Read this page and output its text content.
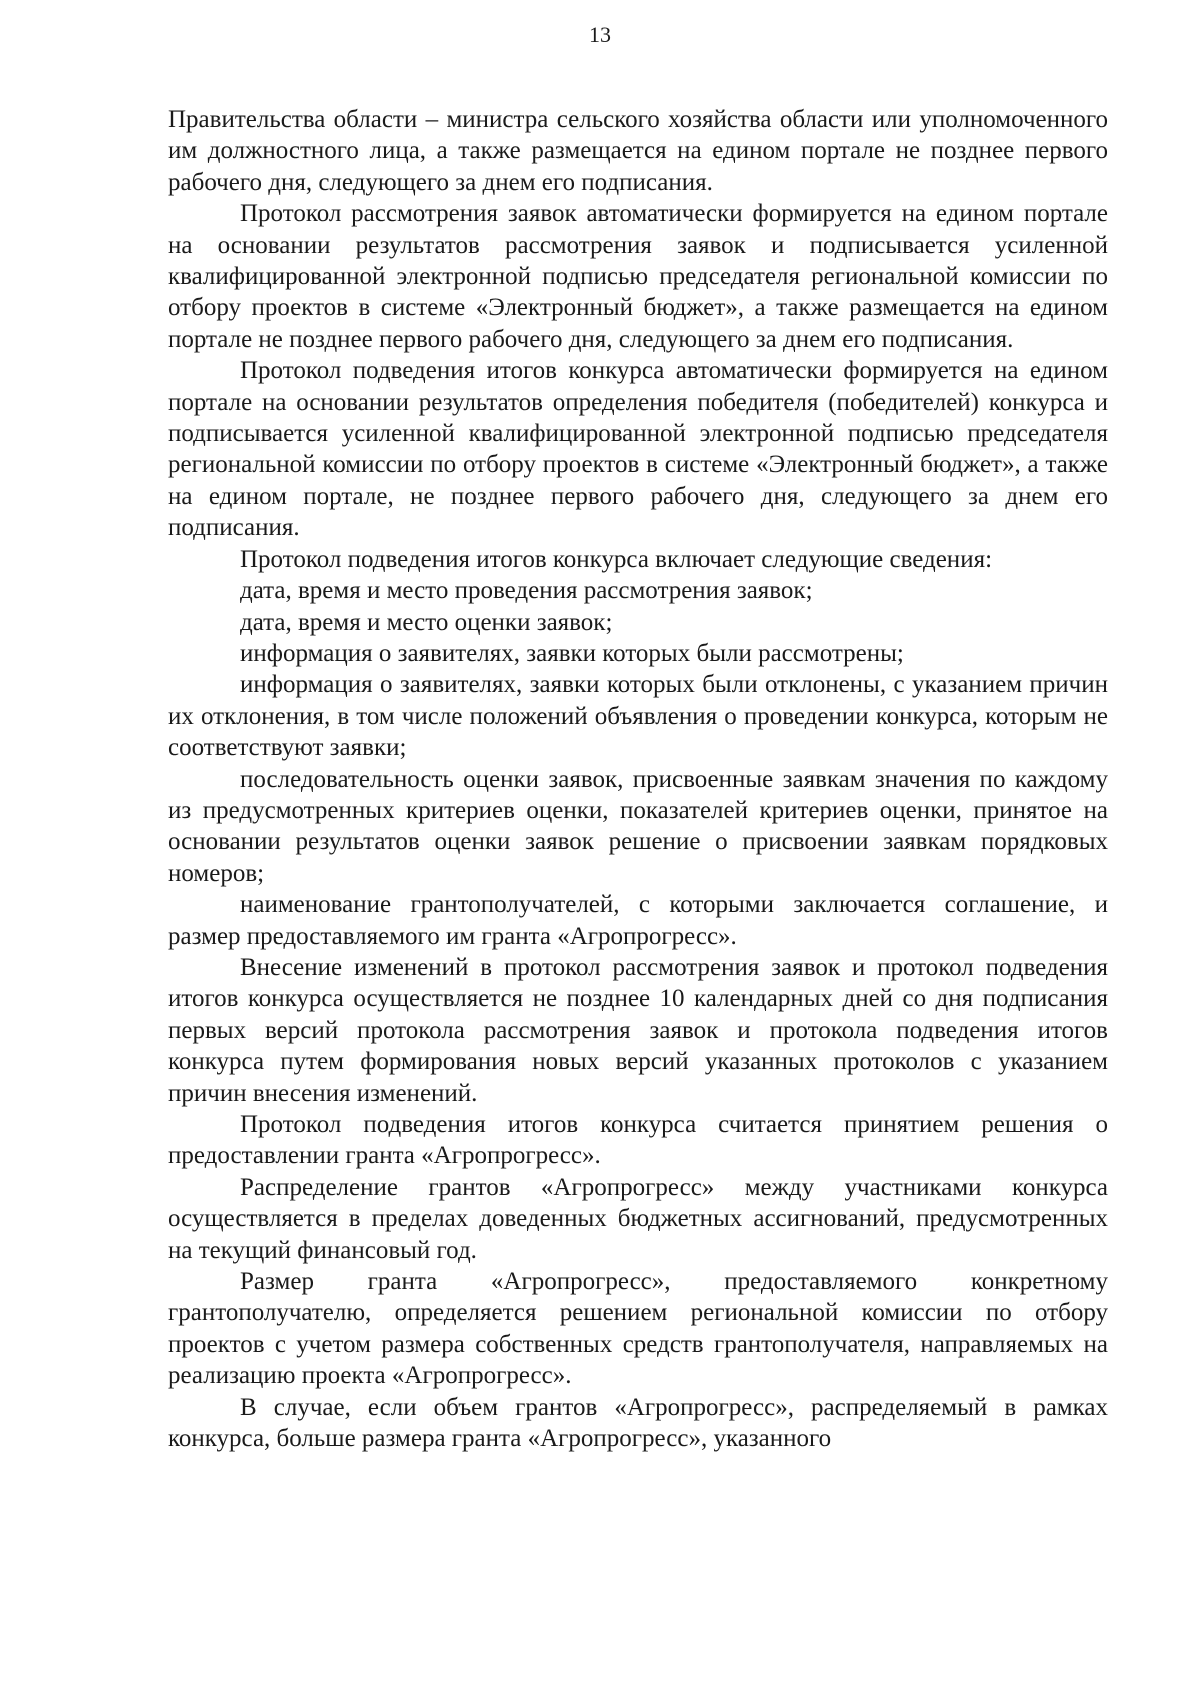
13

Правительства области – министра сельского хозяйства области или уполномоченного им должностного лица, а также размещается на едином портале не позднее первого рабочего дня, следующего за днем его подписания.

Протокол рассмотрения заявок автоматически формируется на едином портале на основании результатов рассмотрения заявок и подписывается усиленной квалифицированной электронной подписью председателя региональной комиссии по отбору проектов в системе «Электронный бюджет», а также размещается на едином портале не позднее первого рабочего дня, следующего за днем его подписания.

Протокол подведения итогов конкурса автоматически формируется на едином портале на основании результатов определения победителя (победителей) конкурса и подписывается усиленной квалифицированной электронной подписью председателя региональной комиссии по отбору проектов в системе «Электронный бюджет», а также на едином портале, не позднее первого рабочего дня, следующего за днем его подписания.

Протокол подведения итогов конкурса включает следующие сведения:

дата, время и место проведения рассмотрения заявок;

дата, время и место оценки заявок;

информация о заявителях, заявки которых были рассмотрены;

информация о заявителях, заявки которых были отклонены, с указанием причин их отклонения, в том числе положений объявления о проведении конкурса, которым не соответствуют заявки;

последовательность оценки заявок, присвоенные заявкам значения по каждому из предусмотренных критериев оценки, показателей критериев оценки, принятое на основании результатов оценки заявок решение о присвоении заявкам порядковых номеров;

наименование грантополучателей, с которыми заключается соглашение, и размер предоставляемого им гранта «Агропрогресс».

Внесение изменений в протокол рассмотрения заявок и протокол подведения итогов конкурса осуществляется не позднее 10 календарных дней со дня подписания первых версий протокола рассмотрения заявок и протокола подведения итогов конкурса путем формирования новых версий указанных протоколов с указанием причин внесения изменений.

Протокол подведения итогов конкурса считается принятием решения о предоставлении гранта «Агропрогресс».

Распределение грантов «Агропрогресс» между участниками конкурса осуществляется в пределах доведенных бюджетных ассигнований, предусмотренных на текущий финансовый год.

Размер гранта «Агропрогресс», предоставляемого конкретному грантополучателю, определяется решением региональной комиссии по отбору проектов с учетом размера собственных средств грантополучателя, направляемых на реализацию проекта «Агропрогресс».

В случае, если объем грантов «Агропрогресс», распределяемый в рамках конкурса, больше размера гранта «Агропрогресс», указанного
